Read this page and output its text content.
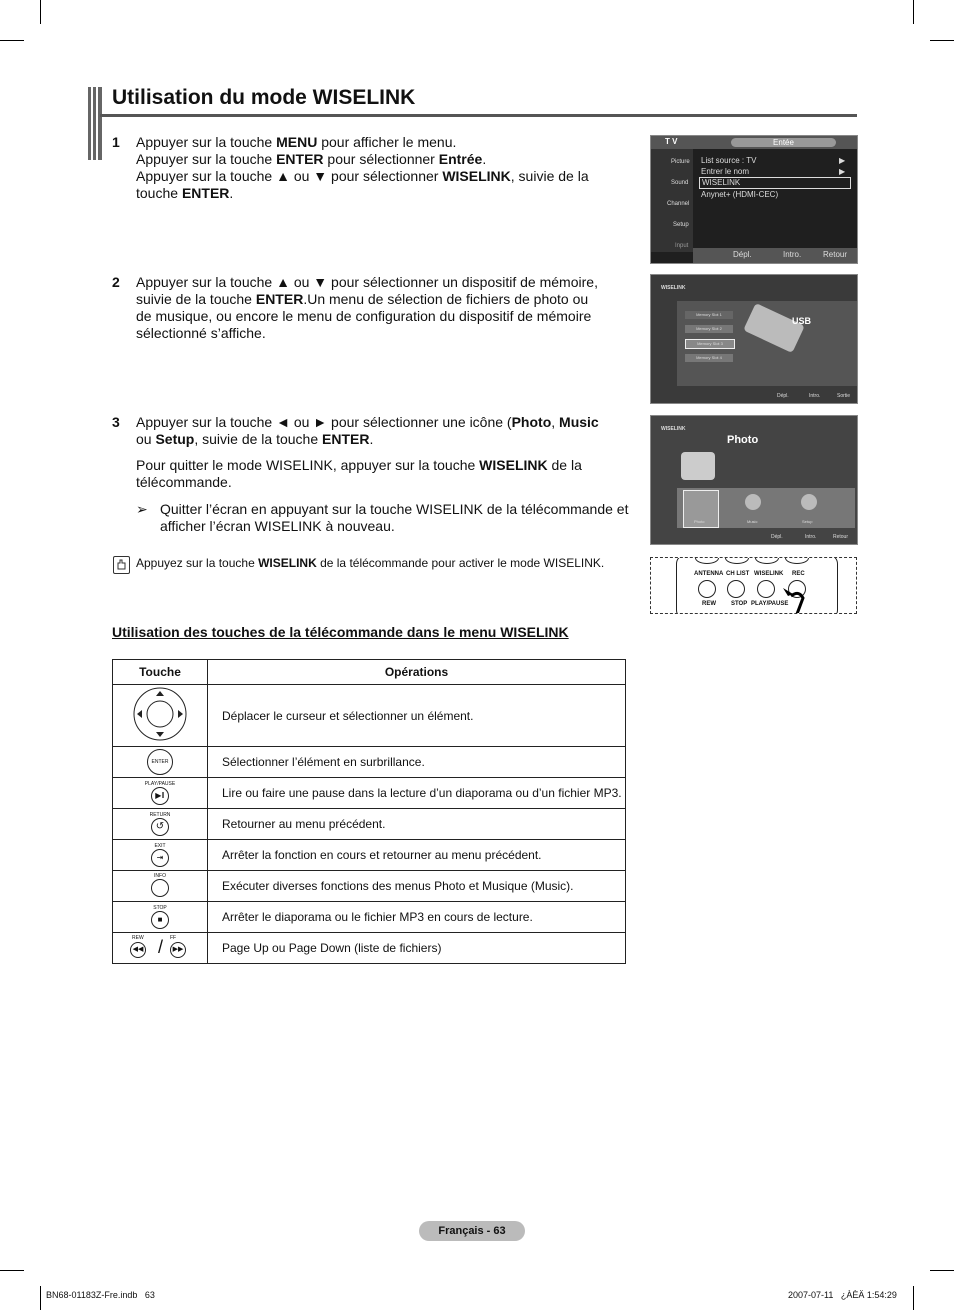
Utilisation du mode WISELINK
1 Appuyer sur la touche MENU pour afficher le menu.
Appuyer sur la touche ENTER pour sélectionner Entrée.
Appuyer sur la touche ▲ ou ▼ pour sélectionner WISELINK, suivie de la touche ENTER.
2 Appuyer sur la touche ▲ ou ▼ pour sélectionner un dispositif de mémoire, suivie de la touche ENTER.Un menu de sélection de fichiers de photo ou de musique, ou encore le menu de configuration du dispositif de mémoire sélectionné s’affiche.
3 Appuyer sur la touche ◄ ou ► pour sélectionner une icône (Photo, Music ou Setup, suivie de la touche ENTER.
Pour quitter le mode WISELINK, appuyer sur la touche WISELINK de la télécommande.
➢ Quitter l’écran en appuyant sur la touche WISELINK de la télécommande et afficher l’écran WISELINK à nouveau.
Appuyez sur la touche WISELINK de la télécommande pour activer le mode WISELINK.
Utilisation des touches de la télécommande dans le menu WISELINK
Touche	Opérations
	Déplacer le curseur et sélectionner un élément.
ENTER	Sélectionner l’élément en surbrillance.

PLAY/PAUSE
▶ǁ	Lire ou faire une pause dans la lecture d’un diaporama ou d’un fichier MP3.

RETURN
↺	Retourner au menu précédent.

EXIT
⇥	Arrêter la fonction en cours et retourner au menu précédent.

INFO	Exécuter diverses fonctions des menus Photo et Musique (Music).

STOP
■	Arrêter le diaporama ou le fichier MP3 en cours de lecture.

REW FF
◀◀ / ▶▶	Page Up ou Page Down (liste de fichiers)
T V	Entée
Picture
Sound
Channel
Setup
Input
List source : TV	▶
Entrer le nom	▶
WISELINK
Anynet+ (HDMI-CEC)
Dépl.	Intro.	Retour
WISELINK
Memory Slot 1
Memory Slot 2
Memory Slot 3
Memory Slot 4
USB
Dépl.	Intro.	Sortie
WISELINK
Photo
Photo	Music	Setup
Dépl.	Intro.	Retour
ANTENNA CH LIST WISELINK REC
REW	STOP PLAY/PAUSE
Français - 63
BN68-01183Z-Fre.indb   63	2007-07-11   ¿ÀÈÄ 1:54:29
